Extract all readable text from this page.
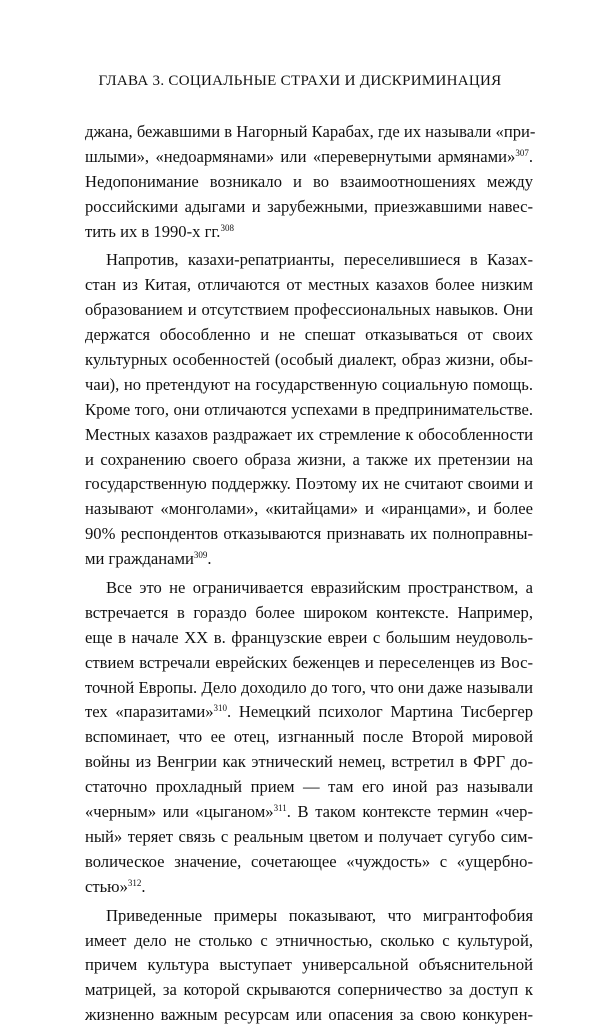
ГЛАВА 3. СОЦИАЛЬНЫЕ СТРАХИ И ДИСКРИМИНАЦИЯ
джана, бежавшими в Нагорный Карабах, где их называли «при-
шлыми», «недоармянами» или «перевернутыми армянами»$^{307}$.
Недопонимание возникало и во взаимоотношениях между
российскими адыгами и зарубежными, приезжавшими навес-
тить их в 1990-х гг.$^{308}$
Напротив, казахи-репатрианты, переселившиеся в Казах-
стан из Китая, отличаются от местных казахов более низким
образованием и отсутствием профессиональных навыков. Они
держатся обособленно и не спешат отказываться от своих
культурных особенностей (особый диалект, образ жизни, обы-
чаи), но претендуют на государственную социальную помощь.
Кроме того, они отличаются успехами в предпринимательстве.
Местных казахов раздражает их стремление к обособленности
и сохранению своего образа жизни, а также их претензии на
государственную поддержку. Поэтому их не считают своими и
называют «монголами», «китайцами» и «иранцами», и более
90% респондентов отказываются признавать их полноправны-
ми гражданами$^{309}$.
Все это не ограничивается евразийским пространством, а
встречается в гораздо более широком контексте. Например,
еще в начале XX в. французские евреи с большим неудоволь-
ствием встречали еврейских беженцев и переселенцев из Вос-
точной Европы. Дело доходило до того, что они даже называли
тех «паразитами»$^{310}$. Немецкий психолог Мартина Тисбергер
вспоминает, что ее отец, изгнанный после Второй мировой
войны из Венгрии как этнический немец, встретил в ФРГ до-
статочно прохладный прием — там его иной раз называли
«черным» или «цыганом»$^{311}$. В таком контексте термин «чер-
ный» теряет связь с реальным цветом и получает сугубо сим-
волическое значение, сочетающее «чуждость» с «ущербно-
стью»$^{312}$.
Приведенные примеры показывают, что мигрантофобия
имеет дело не столько с этничностью, сколько с культурой,
причем культура выступает универсальной объяснительной
матрицей, за которой скрываются соперничество за доступ к
жизненно важным ресурсам или опасения за свою конкурен-
